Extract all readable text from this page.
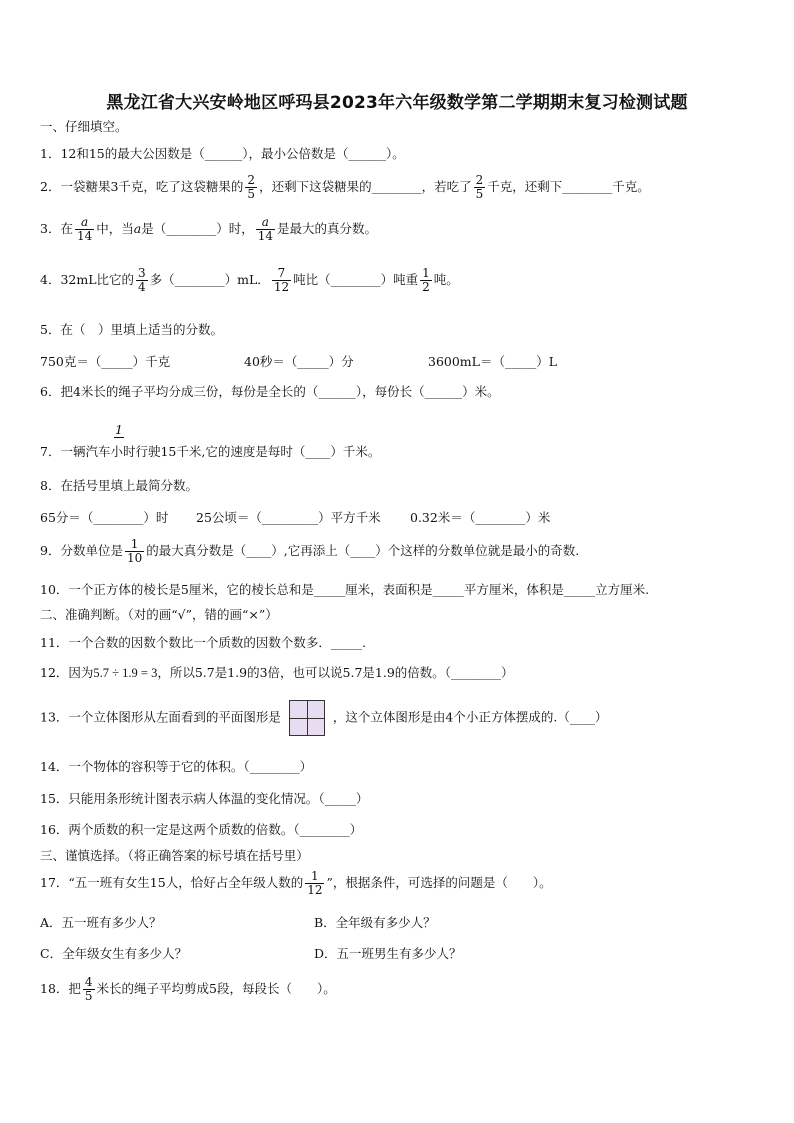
黑龙江省大兴安岭地区呼玛县2023年六年级数学第二学期期末复习检测试题
一、仔细填空。
1．12和15的最大公因数是（______），最小公倍数是（______）。
2．一袋糖果3千克，吃了这袋糖果的 $\frac{2}{5}$ ，还剩下这袋糖果的________，若吃了 $\frac{2}{5}$ 千克，还剩下________千克。
3．在 $\frac{a}{14}$ 中，当a是（________）时， $\frac{a}{14}$ 是最大的真分数。
4．32mL比它的 $\frac{3}{4}$ 多（________）mL． $\frac{7}{12}$ 吨比（________）吨重 $\frac{1}{2}$ 吨。
5．在（　）里填上适当的分数。
750克＝（_____）千克	40秒＝（_____）分	3600mL＝（_____）L
6．把4米长的绳子平均分成三份，每份是全长的（______），每份长（______）米。
1
7．一辆汽车小时行驶15千米,它的速度是每时（____）千米。
8．在括号里填上最简分数。
65分＝（________）时 25公顷＝（_________）平方千米 0.32米＝（________）米
9．分数单位是 $\frac{1}{10}$ 的最大真分数是（____）,它再添上（____）个这样的分数单位就是最小的奇数.
10．一个正方体的棱长是5厘米，它的棱长总和是_____厘米，表面积是_____平方厘米，体积是_____立方厘米.
二、准确判断。（对的画“√”，错的画“×”）
11．一个合数的因数个数比一个质数的因数个数多．_____.
12．因为5.7 ÷ 1.9 = 3，所以5.7是1.9的3倍，也可以说5.7是1.9的倍数。（________）
13．一个立体图形从左面看到的平面图形是	，这个立体图形是由4个小正方体摆成的.（____）
14．一个物体的容积等于它的体积。（________）
15．只能用条形统计图表示病人体温的变化情况。（_____）
16．两个质数的积一定是这两个质数的倍数。（________）
三、谨慎选择。（将正确答案的标号填在括号里）
17．“五一班有女生15人，恰好占全年级人数的 $\frac{1}{12}$ ”，根据条件，可选择的问题是（　　）。
A．五一班有多少人？	B．全年级有多少人？
C．全年级女生有多少人？	D．五一班男生有多少人？
18．把 $\frac{4}{5}$ 米长的绳子平均剪成5段，每段长（　　）。
